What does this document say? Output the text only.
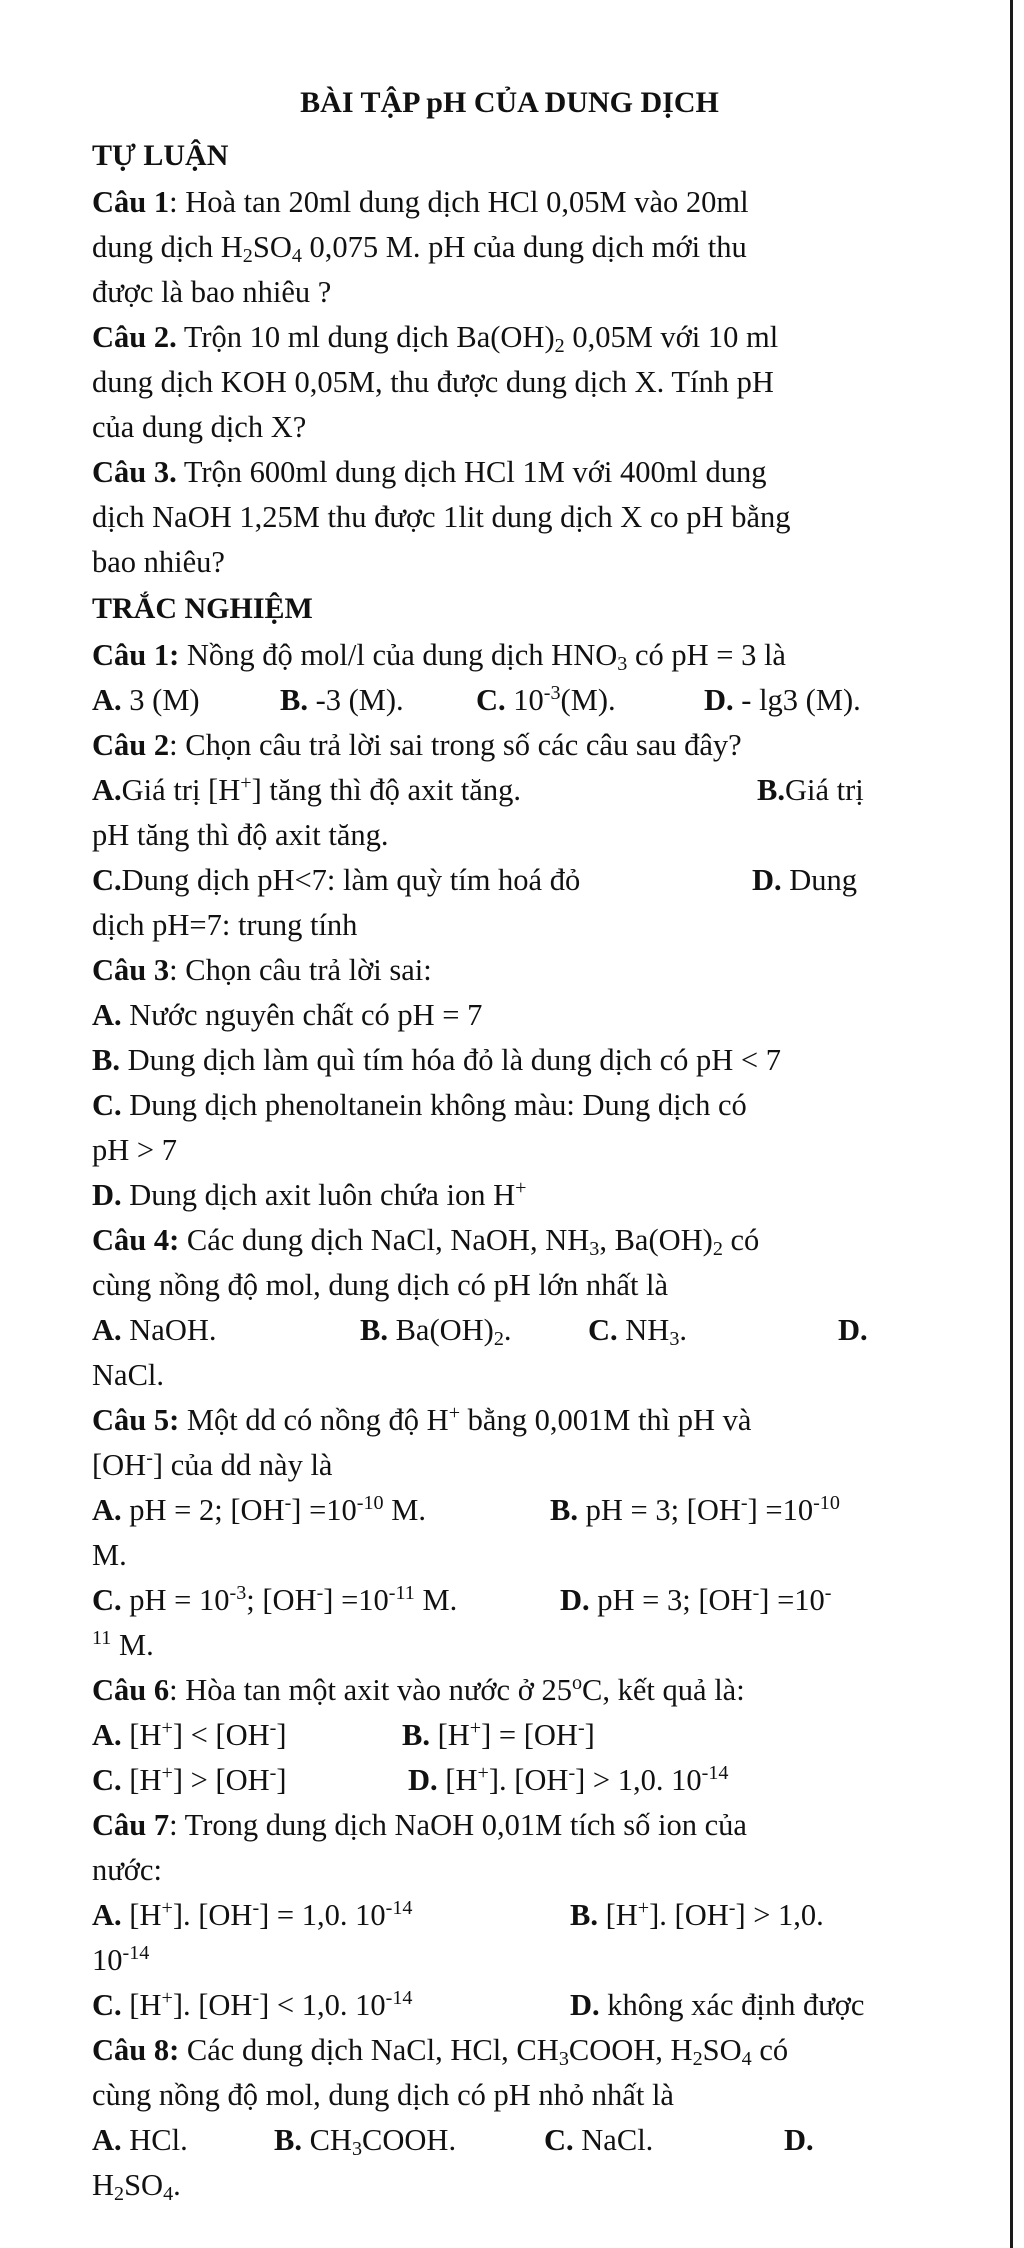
BÀI TẬP pH CỦA DUNG DỊCH
TỰ LUẬN
Câu 1: Hoà tan 20ml dung dịch HCl 0,05M vào 20ml
dung dịch $H_2SO_4$ 0,075 M. pH của dung dịch mới thu
được là bao nhiêu ?
Câu 2. Trộn 10 ml dung dịch $Ba(OH)_2$ 0,05M với 10 ml
dung dịch KOH 0,05M, thu được dung dịch X. Tính pH
của dung dịch X?
Câu 3. Trộn 600ml dung dịch HCl 1M với 400ml dung
dịch NaOH 1,25M thu được 1lit dung dịch X co pH bằng
bao nhiêu?
TRẮC NGHIỆM
Câu 1: Nồng độ mol/l của dung dịch $HNO_3$ có pH = 3 là
A. 3 (M)	B. -3 (M).	C. $10^{-3}(M)$.	D. - lg3 (M).
Câu 2: Chọn câu trả lời sai trong số các câu sau đây?
A.Giá trị [H+] tăng thì độ axit tăng.	B.Giá trị
pH tăng thì độ axit tăng.
C.Dung dịch pH<7: làm quỳ tím hoá đỏ	D. Dung
dịch pH=7: trung tính
Câu 3: Chọn câu trả lời sai:
A. Nước nguyên chất có pH = 7
B. Dung dịch làm quì tím hóa đỏ là dung dịch có pH < 7
C. Dung dịch phenoltanein không màu: Dung dịch có
pH > 7
D. Dung dịch axit luôn chứa ion H+
Câu 4: Các dung dịch NaCl, NaOH, $NH_3$, $Ba(OH)_2$ có
cùng nồng độ mol, dung dịch có pH lớn nhất là
A. NaOH.	B. $Ba(OH)_2$.	C. $NH_3$.	D.
NaCl.
Câu 5: Một dd có nồng độ H+ bằng 0,001M thì pH và
[OH-] của dd này là
A. pH = 2; $[OH^-] =10^{-10}$ M.	B. pH = 3; $[OH^-] =10^{-10}$
M.
C. pH = $10^{-3}$; $[OH^-] =10^{-11}$ M.	D. pH = 3; [OH-] =10-
$^{11}$ M.
Câu 6: Hòa tan một axit vào nước ở 25$^o$C, kết quả là:
A. [H+] < [OH-]	B. [H+] = [OH-]
C. [H+] > [OH-]	D. [H+]. [OH-] > 1,0. $10^{-14}$
Câu 7: Trong dung dịch NaOH 0,01M tích số ion của
nước:
A. [H+]. [OH-] = 1,0. $10^{-14}$	B. [H+]. [OH-] > 1,0.
$10^{-14}$
C. [H+]. [OH-] < 1,0. $10^{-14}$	D. không xác định được
Câu 8: Các dung dịch NaCl, HCl, $CH_3COOH$, $H_2SO_4$ có
cùng nồng độ mol, dung dịch có pH nhỏ nhất là
A. HCl.	B. $CH_3COOH$.	C. NaCl.	D.
$H_2SO_4$.
